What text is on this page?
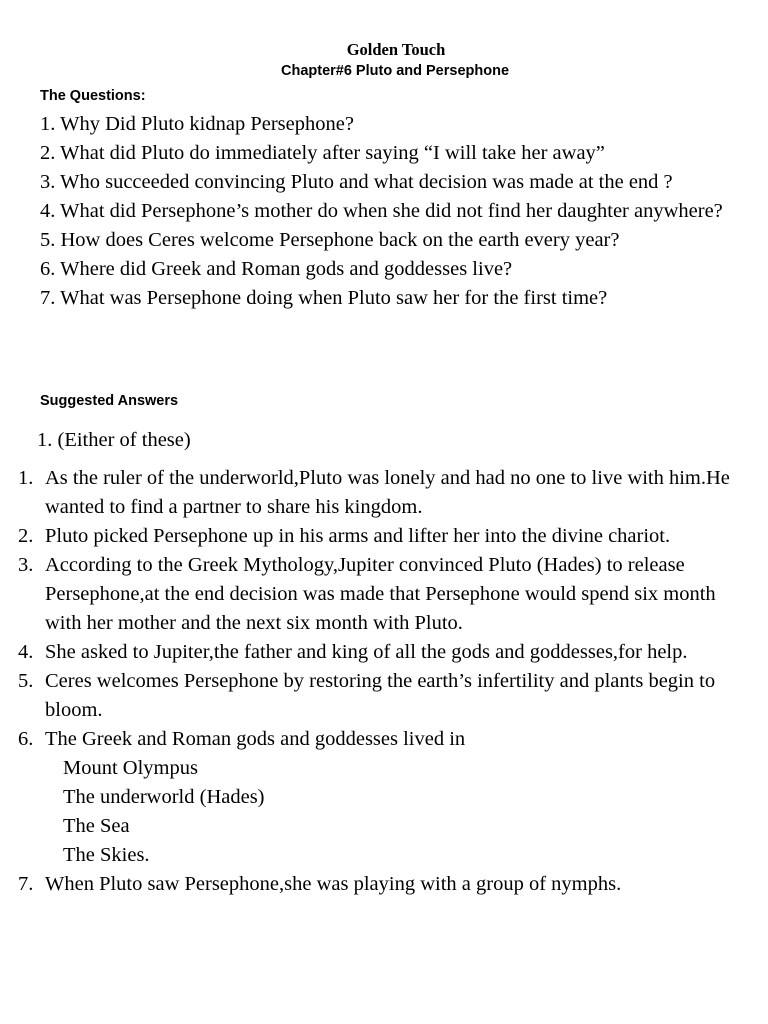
Golden Touch
Chapter#6 Pluto and Persephone
The Questions:
1. Why Did Pluto kidnap Persephone?
2. What did Pluto do immediately after saying “I will take her away”
3. Who succeeded convincing Pluto and what decision was made at the end ?
4. What did Persephone’s mother do when she did not find her daughter anywhere?
5. How does Ceres welcome Persephone back on the earth every year?
6. Where did Greek and Roman gods and goddesses live?
7. What was Persephone doing when Pluto saw her for the first time?
Suggested Answers
1. (Either of these)
1. As the ruler of the underworld,Pluto was lonely and had no one to live with him.He wanted to find a partner to share his kingdom.
2. Pluto picked Persephone up in his arms and lifter her into the divine chariot.
3. According to the Greek Mythology,Jupiter convinced Pluto (Hades) to release Persephone,at the end decision was made that Persephone would spend six month with her mother and the next six month with Pluto.
4. She asked to Jupiter,the father and king of all the gods and goddesses,for help.
5. Ceres welcomes Persephone by restoring the earth’s infertility and plants begin to bloom.
6. The Greek and Roman gods and goddesses lived in
Mount Olympus
The underworld (Hades)
The Sea
The Skies.
7. When Pluto saw Persephone,she was playing with a group of nymphs.
